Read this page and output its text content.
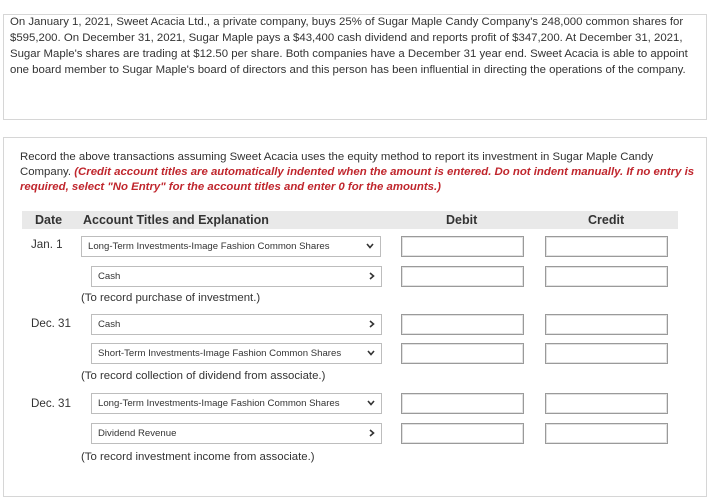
On January 1, 2021, Sweet Acacia Ltd., a private company, buys 25% of Sugar Maple Candy Company's 248,000 common shares for $595,200. On December 31, 2021, Sugar Maple pays a $43,400 cash dividend and reports profit of $347,200. At December 31, 2021, Sugar Maple's shares are trading at $12.50 per share. Both companies have a December 31 year end. Sweet Acacia is able to appoint one board member to Sugar Maple's board of directors and this person has been influential in directing the operations of the company.
Record the above transactions assuming Sweet Acacia uses the equity method to report its investment in Sugar Maple Candy Company. (Credit account titles are automatically indented when the amount is entered. Do not indent manually. If no entry is required, select "No Entry" for the account titles and enter 0 for the amounts.)
Date Account Titles and Explanation	Debit	Credit
Jan. 1	Long-Term Investments-Image Fashion Common Shares
Cash
(To record purchase of investment.)
Dec. 31	Cash
Short-Term Investments-Image Fashion Common Shares
(To record collection of dividend from associate.)
Dec. 31	Long-Term Investments-Image Fashion Common Shares
Dividend Revenue
(To record investment income from associate.)
